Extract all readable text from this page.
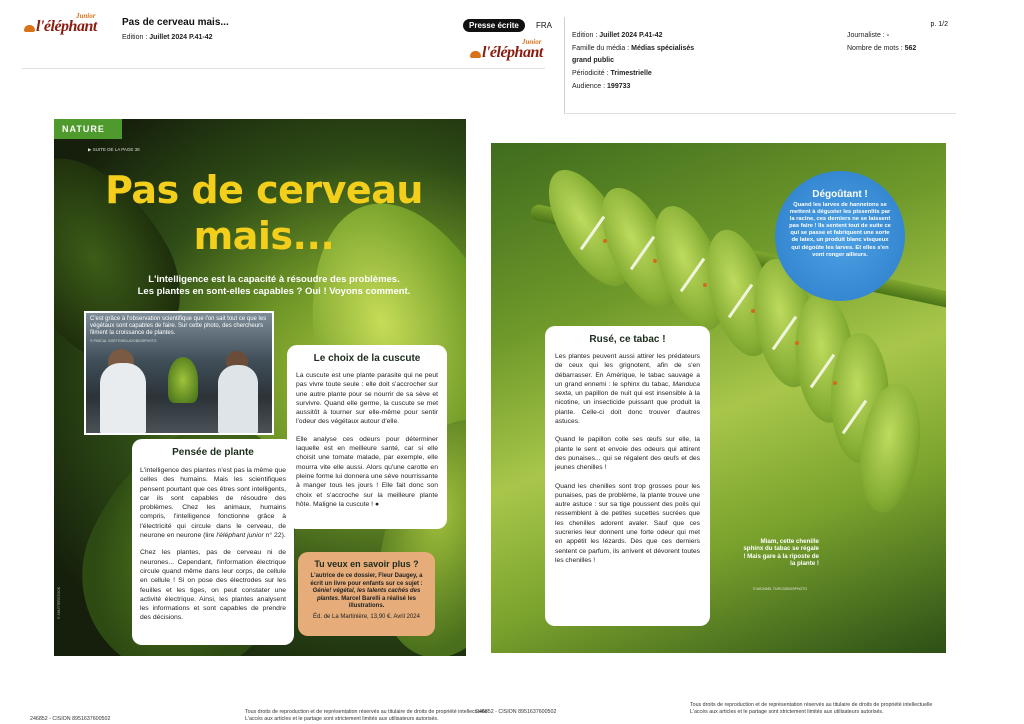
Junior
l'éléphant	Pas de cerveau mais...
Edition : Juillet 2024 P.41-42
Presse écrite	FRA
Junior
l'éléphant
Edition : Juillet 2024 P.41-42
Famille du média : Médias spécialisés
grand public
Périodicité : Trimestrielle
Audience : 199733
Journaliste : -
Nombre de mots : 562
p. 1/2
NATURE
▶ SUITE DE LA PAGE 38
Pas de cerveau
mais...
L'intelligence est la capacité à résoudre des problèmes.
Les plantes en sont-elles capables ? Oui ! Voyons comment.
C'est grâce à l'observation scientifique que l'on sait tout ce que les végétaux sont capables de faire. Sur cette photo, des chercheurs filment la croissance de plantes.
© PASCAL GOETGHELUCK/BIOSPHOTO
Le choix de la cuscute

La cuscute est une plante parasite qui ne peut pas vivre toute seule : elle doit s'accrocher sur une autre plante pour se nourrir de sa sève et survivre. Quand elle germe, la cuscute se met aussitôt à tourner sur elle-même pour sentir l'odeur des végétaux autour d'elle.

Elle analyse ces odeurs pour déterminer laquelle est en meilleure santé, car si elle choisit une tomate malade, par exemple, elle mourra vite elle aussi. Alors qu'une carotte en pleine forme lui donnera une sève nourrissante à manger tous les jours ! Elle fait donc son choix et s'accroche sur la meilleure plante hôte. Maligne la cuscute ! ●

Pensée de plante

L'intelligence des plantes n'est pas la même que celles des humains. Mais les scientifiques pensent pourtant que ces êtres sont intelligents, car ils sont capables de résoudre des problèmes. Chez les animaux, humains compris, l'intelligence fonctionne grâce à l'électricité qui circule dans le cerveau, de neurone en neurone (lire l'éléphant junior n° 22).

Chez les plantes, pas de cerveau ni de neurones... Cependant, l'information électrique circule quand même dans leur corps, de cellule en cellule ! Si on pose des électrodes sur les feuilles et les tiges, on peut constater une activité électrique. Ainsi, les plantes analysent les informations et sont capables de prendre des décisions.

Tu veux en savoir plus ?

L'autrice de ce dossier, Fleur Daugey, a écrit un livre pour enfants sur ce sujet : Génie! végétal, les talents cachés des plantes. Marcel Barelli a réalisé les illustrations.

Éd. de La Martinière, 13,90 €. Avril 2024

© SHUTTERSTOCK
Dégoûtant !

Quand les larves de hannetons se mettent à déguster les pissenlits par la racine, ces derniers ne se laissent pas faire ! Ils sentent tout de suite ce qui se passe et fabriquent une sorte de latex, un produit blanc visqueux qui dégoûte les larves. Et elles s'en vont ronger ailleurs.

Rusé, ce tabac !

Les plantes peuvent aussi attirer les prédateurs de ceux qui les grignotent, afin de s'en débarrasser. En Amérique, le tabac sauvage a un grand ennemi : le sphinx du tabac, Manduca sexta, un papillon de nuit qui est insensible à la nicotine, un insecticide puissant que produit la plante. Celle-ci doit donc trouver d'autres astuces.

Quand le papillon colle ses œufs sur elle, la plante le sent et envoie des odeurs qui attirent des punaises... qui se régalent des œufs et des jeunes chenilles !

Quand les chenilles sont trop grosses pour les punaises, pas de problème, la plante trouve une autre astuce : sur sa tige poussent des poils qui ressemblent à de petites sucettes sucrées que les chenilles adorent avaler. Sauf que ces sucreries leur donnent une forte odeur qui met en appétit les lézards. Dès que ces derniers sentent ce parfum, ils arrivent et dévorent toutes les chenilles !

Miam, cette chenille sphinx du tabac se régale ! Mais gare à la riposte de la plante !
© MICHAEL TURCO/BIOSPHOTO
246852 - CISION 8951637600502
Tous droits de reproduction et de représentation réservés au titulaire de droits de propriété intellectuelle
L'accès aux articles et le partage sont strictement limités aux utilisateurs autorisés.
246852 - CISION 8951637600502
Tous droits de reproduction et de représentation réservés au titulaire de droits de propriété intellectuelle
L'accès aux articles et le partage sont strictement limités aux utilisateurs autorisés.
